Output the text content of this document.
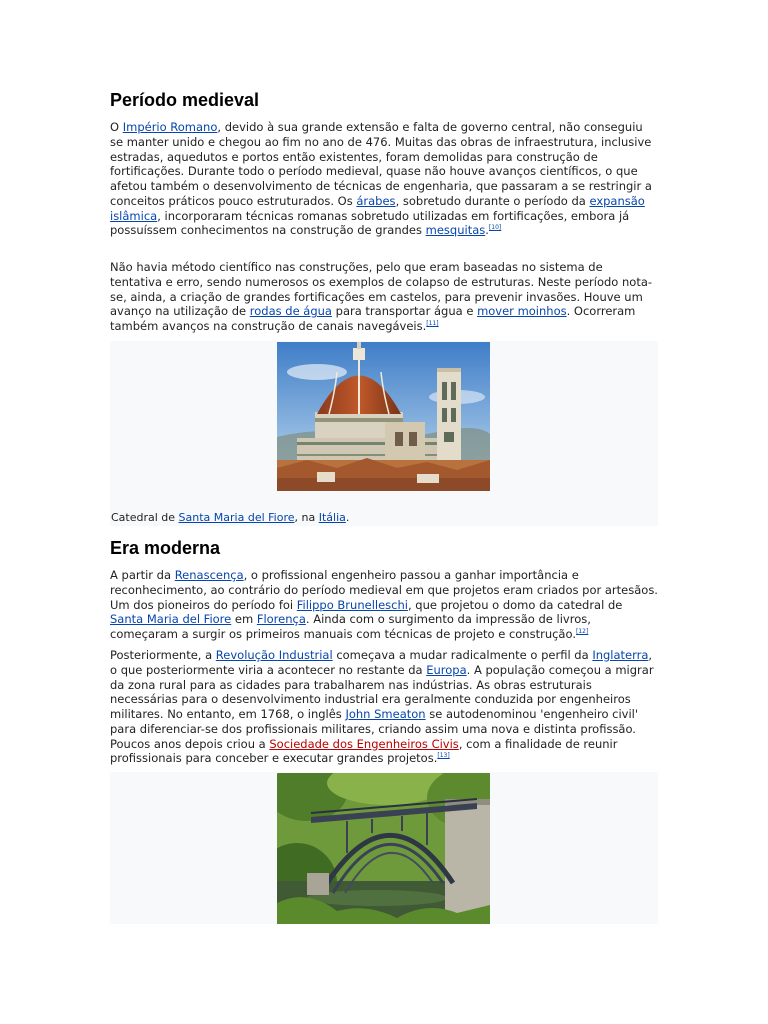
Período medieval

O Império Romano, devido à sua grande extensão e falta de governo central, não conseguiu se manter unido e chegou ao fim no ano de 476. Muitas das obras de infraestrutura, inclusive estradas, aquedutos e portos então existentes, foram demolidas para construção de fortificações. Durante todo o período medieval, quase não houve avanços científicos, o que afetou também o desenvolvimento de técnicas de engenharia, que passaram a se restringir a conceitos práticos pouco estruturados. Os árabes, sobretudo durante o período da expansão islâmica, incorporaram técnicas romanas sobretudo utilizadas em fortificações, embora já possuíssem conhecimentos na construção de grandes mesquitas.[10]

Não havia método científico nas construções, pelo que eram baseadas no sistema de tentativa e erro, sendo numerosos os exemplos de colapso de estruturas. Neste período nota-se, ainda, a criação de grandes fortificações em castelos, para prevenir invasões. Houve um avanço na utilização de rodas de água para transportar água e mover moinhos. Ocorreram também avanços na construção de canais navegáveis.[11]

Catedral de Santa Maria del Fiore, na Itália.
Era moderna

A partir da Renascença, o profissional engenheiro passou a ganhar importância e reconhecimento, ao contrário do período medieval em que projetos eram criados por artesãos. Um dos pioneiros do período foi Filippo Brunelleschi, que projetou o domo da catedral de Santa Maria del Fiore em Florença. Ainda com o surgimento da impressão de livros, começaram a surgir os primeiros manuais com técnicas de projeto e construção.[12]

Posteriormente, a Revolução Industrial começava a mudar radicalmente o perfil da Inglaterra, o que posteriormente viria a acontecer no restante da Europa. A população começou a migrar da zona rural para as cidades para trabalharem nas indústrias. As obras estruturais necessárias para o desenvolvimento industrial era geralmente conduzida por engenheiros militares. No entanto, em 1768, o inglês John Smeaton se autodenominou 'engenheiro civil' para diferenciar-se dos profissionais militares, criando assim uma nova e distinta profissão. Poucos anos depois criou a Sociedade dos Engenheiros Civis, com a finalidade de reunir profissionais para conceber e executar grandes projetos.[13]
